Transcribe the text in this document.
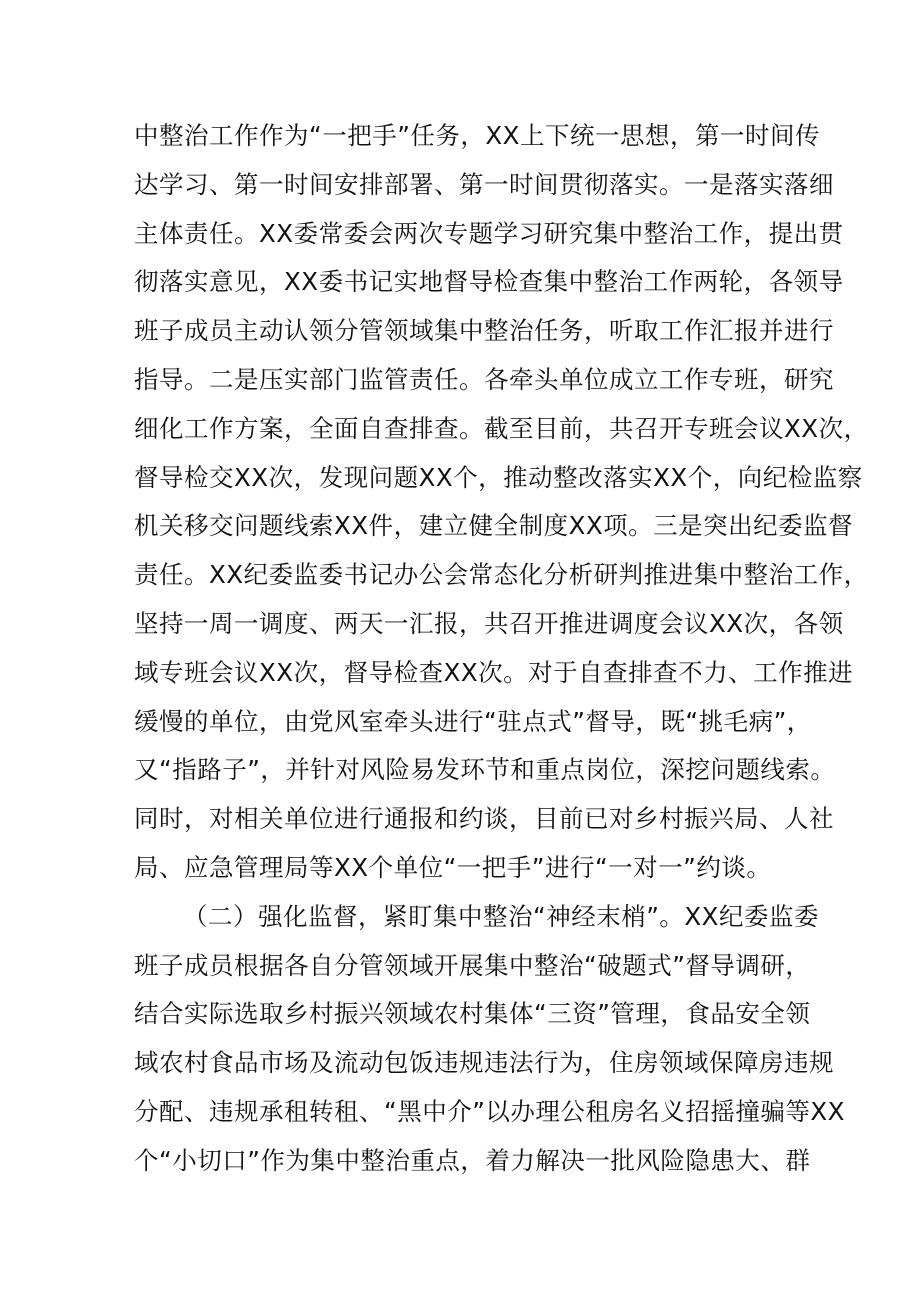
中整治工作作为“一把手”任务，XX上下统一思想，第一时间传
达学习、第一时间安排部署、第一时间贯彻落实。一是落实落细
主体责任。XX委常委会两次专题学习研究集中整治工作，提出贯
彻落实意见，XX委书记实地督导检查集中整治工作两轮，各领导
班子成员主动认领分管领域集中整治任务，听取工作汇报并进行
指导。二是压实部门监管责任。各牵头单位成立工作专班，研究
细化工作方案，全面自查排查。截至目前，共召开专班会议XX次，
督导检交XX次，发现问题XX个，推动整改落实XX个，向纪检监察
机关移交问题线索XX件，建立健全制度XX项。三是突出纪委监督
责任。XX纪委监委书记办公会常态化分析研判推进集中整治工作，
坚持一周一调度、两天一汇报，共召开推进调度会议XX次，各领
域专班会议XX次，督导检查XX次。对于自查排查不力、工作推进
缓慢的单位，由党风室牵头进行“驻点式”督导，既“挑毛病”，
又“指路子”，并针对风险易发环节和重点岗位，深挖问题线索。
同时，对相关单位进行通报和约谈，目前已对乡村振兴局、人社
局、应急管理局等XX个单位“一把手”进行“一对一”约谈。
（二）强化监督，紧盯集中整治“神经末梢”。XX纪委监委
班子成员根据各自分管领域开展集中整治“破题式”督导调研，
结合实际选取乡村振兴领域农村集体“三资”管理，食品安全领
域农村食品市场及流动包饭违规违法行为，住房领域保障房违规
分配、违规承租转租、“黑中介”以办理公租房名义招摇撞骗等XX
个“小切口”作为集中整治重点，着力解决一批风险隐患大、群
